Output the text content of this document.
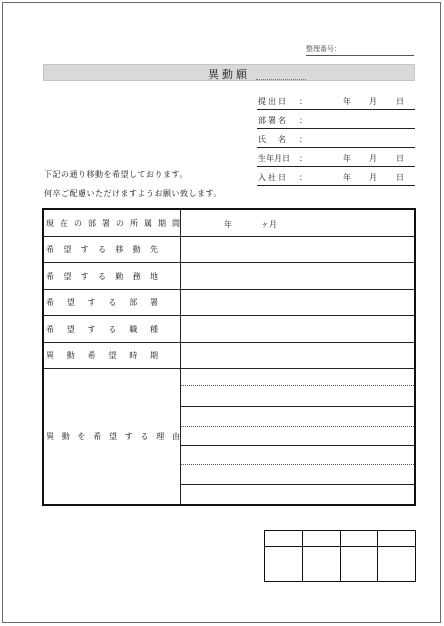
整理番号：
異動願
提出日 ：	年 月 日
部署名 ：
氏　名 ：
生年月日 ：	年 月 日
入社日 ：	年 月 日
下記の通り移動を希望しております。
何卒ご配慮いただけますようお願い致します。
現 在 の 部 署 の 所 属 期 間	年	ヶ月
希 望 す る 移 動 先
希 望 す る 勤 務 地
希 望 す る 部 署
希 望 す る 職 種
異 動 希 望 時 期
異 動 を 希 望 す る 理 由
